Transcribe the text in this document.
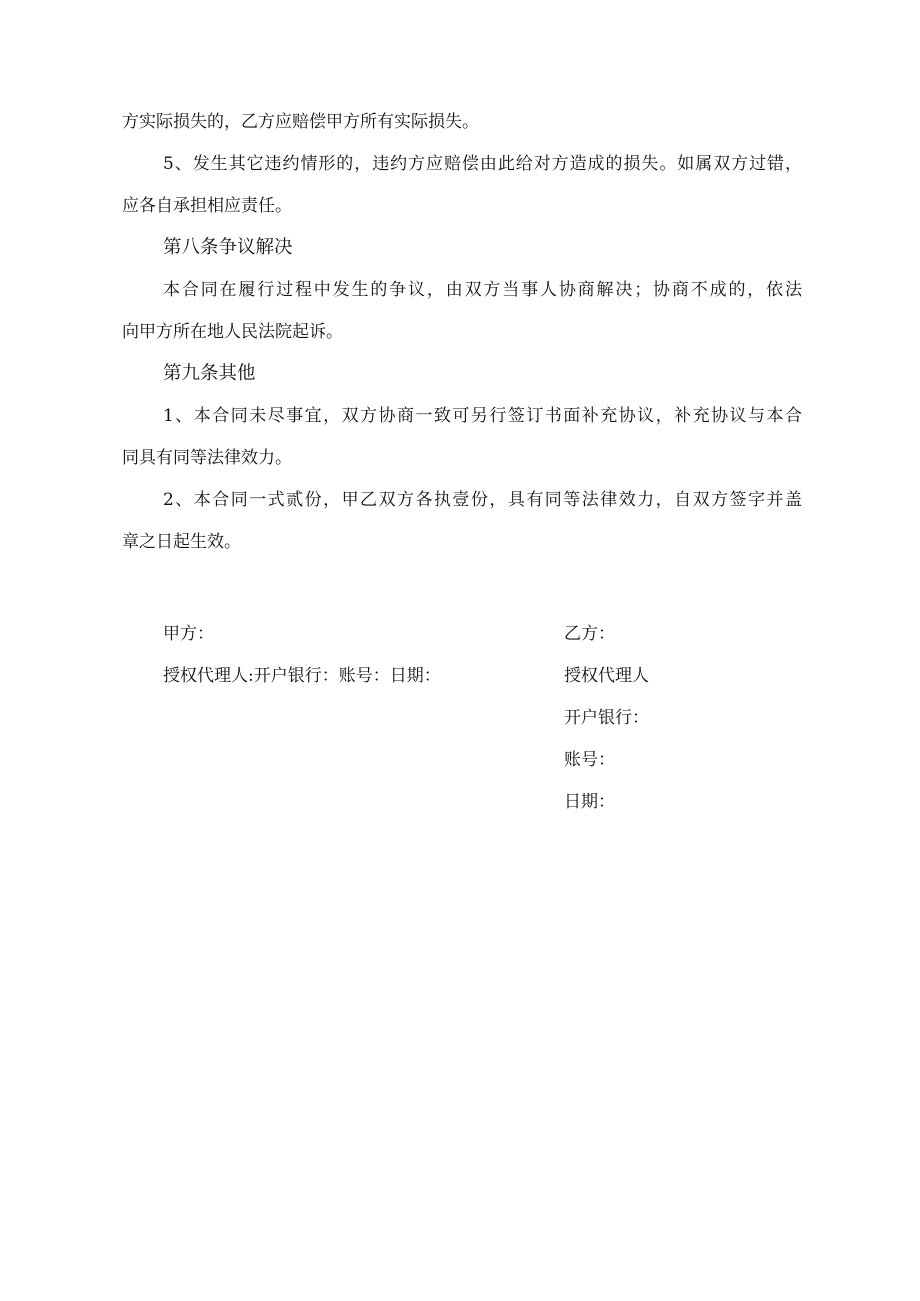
方实际损失的，乙方应赔偿甲方所有实际损失。
5、发生其它违约情形的，违约方应赔偿由此给对方造成的损失。如属双方过错，
应各自承担相应责任。
第八条争议解决
本合同在履行过程中发生的争议，由双方当事人协商解决；协商不成的，依法
向甲方所在地人民法院起诉。
第九条其他
1、本合同未尽事宜，双方协商一致可另行签订书面补充协议，补充协议与本合
同具有同等法律效力。
2、本合同一式贰份，甲乙双方各执壹份，具有同等法律效力，自双方签字并盖
章之日起生效。
甲方：
授权代理人:开户银行：账号：日期：
乙方：
授权代理人
开户银行：
账号：
日期：
